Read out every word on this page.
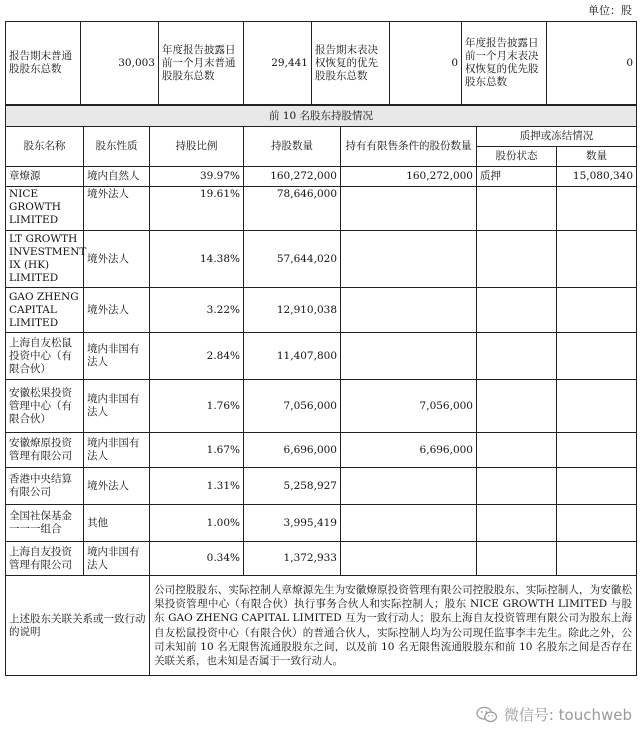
单位：股
报告期末普通股股东总数	30,003	年度报告披露日前一个月末普通股股东总数	29,441	报告期末表决权恢复的优先股股东总数	0	年度报告披露日前一个月末表决权恢复的优先股股东总数	0
前 10 名股东持股情况						
股东名称	股东性质	持股比例	持股数量	持有有限售条件的股份数量	质押或冻结情况	
					股份状态	数量
章燎源	境内自然人	39.97%	160,272,000	160,272,000	质押	15,080,340
NICE GROWTH LIMITED	境外法人	19.61%	78,646,000			
LT GROWTH INVESTMENT IX (HK) LIMITED	境外法人	14.38%	57,644,020			
GAO ZHENG CAPITAL LIMITED	境外法人	3.22%	12,910,038			
上海自友松鼠投资中心（有限合伙）	境内非国有法人	2.84%	11,407,800			
安徽松果投资管理中心（有限合伙）	境内非国有法人	1.76%	7,056,000	7,056,000		
安徽燎原投资管理有限公司	境内非国有法人	1.67%	6,696,000	6,696,000		
香港中央结算有限公司	境外法人	1.31%	5,258,927			
全国社保基金一一一组合	其他	1.00%	3,995,419			
上海自友投资管理有限公司	境内非国有法人	0.34%	1,372,933			
上述股东关联关系或一致行动的说明		公司控股股东、实际控制人章燎源先生为安徽燎原投资管理有限公司控股股东、实际控制人，为安徽松果投资管理中心（有限合伙）执行事务合伙人和实际控制人；股东 NICE GROWTH LIMITED 与股东 GAO ZHENG CAPITAL LIMITED 互为一致行动人；股东上海自友投资管理有限公司为股东上海自友松鼠投资中心（有限合伙）的普通合伙人，实际控制人均为公司现任监事李丰先生。除此之外，公司未知前 10 名无限售流通股股东之间，以及前 10 名无限售流通股股东和前 10 名股东之间是否存在关联关系，也未知是否属于一致行动人。				
微信号: touchweb
